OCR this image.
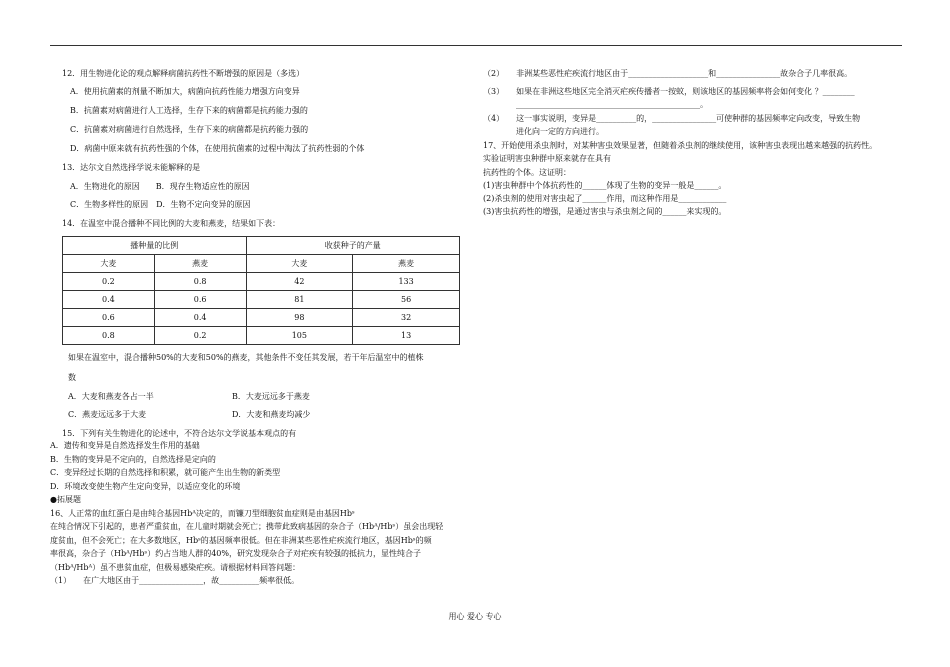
12．用生物进化论的观点解释病菌抗药性不断增强的原因是（多选）
A．使用抗菌素的剂量不断加大，病菌向抗药性能力增强方向变异
B．抗菌素对病菌进行人工选择，生存下来的病菌都是抗药能力强的
C．抗菌素对病菌进行自然选择，生存下来的病菌都是抗药能力强的
D．病菌中原来就有抗药性强的个体，在使用抗菌素的过程中淘汰了抗药性弱的个体
13．达尔文自然选择学说未能解释的是
A．生物进化的原因　　B．现存生物适应性的原因
C．生物多样性的原因　D．生物不定向变异的原因
14．在温室中混合播种不同比例的大麦和燕麦，结果如下表：
播种量的比例		收获种子的产量	
大麦	燕麦	大麦	燕麦
0.2	0.8	42	133
0.4	0.6	81	56
0.6	0.4	98	32
0.8	0.2	105	13
如果在温室中，混合播种50%的大麦和50%的燕麦，其他条件不变任其发展，若干年后温室中的植株
数
A．大麦和燕麦各占一半	B．大麦远远多于燕麦
C．燕麦远远多于大麦	D．大麦和燕麦均减少
15．下列有关生物进化的论述中，不符合达尔文学说基本观点的有
A．遗传和变异是自然选择发生作用的基础
B．生物的变异是不定向的，自然选择是定向的
C．变异经过长期的自然选择和积累，就可能产生出生物的新类型
D．环境改变使生物产生定向变异，以适应变化的环境
●拓展题
16、人正常的血红蛋白是由纯合基因Hbᴬ决定的，而镰刀型细胞贫血症则是由基因Hbˢ
在纯合情况下引起的，患者严重贫血，在儿童时期就会死亡；携带此致病基因的杂合子（Hbᴬ/Hbˢ）虽会出现轻
度贫血，但不会死亡；在大多数地区，Hbˢ的基因频率很低。但在非洲某些恶性疟疾流行地区，基因Hbˢ的频
率很高，杂合子（Hbᴬ/Hbˢ）约占当地人群的40%，研究发现杂合子对疟疾有较强的抵抗力，显性纯合子
（Hbᴬ/Hbᴬ）虽不患贫血症，但极易感染疟疾。请根据材料回答问题：
（1）　　在广大地区由于________________，故__________频率很低。
（2）　　非洲某些恶性疟疾流行地区由于____________________和________________故杂合子几率很高。
（3）　　如果在非洲这些地区完全消灭疟疾传播者一按蚊，则该地区的基因频率将会如何变化 ？________
______________________________________________。
（4）　　这一事实说明，变异是__________的，________________可使种群的基因频率定向改变，导致生物
进化向一定的方向进行。
17、开始使用杀虫剂时，对某种害虫效果显著，但随着杀虫剂的继续使用，该种害虫表现出越来越强的抗药性。
实验证明害虫种群中原来就存在具有
抗药性的个体。这证明：
(1)害虫种群中个体抗药性的______体现了生物的变异一般是______。
(2)杀虫剂的使用对害虫起了______作用，而这种作用是____________
(3)害虫抗药性的增强，是通过害虫与杀虫剂之间的______来实现的。
用心 爱心 专心
